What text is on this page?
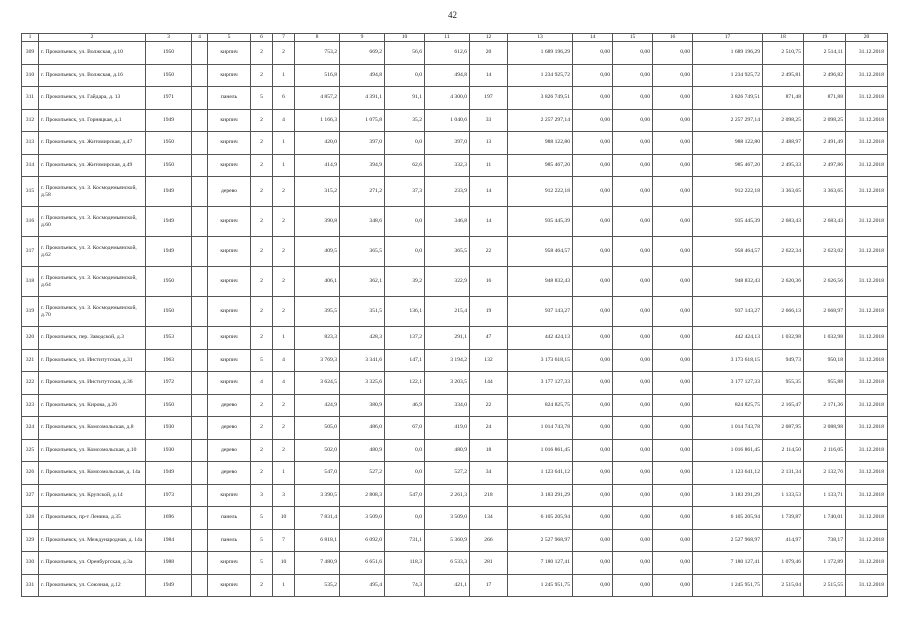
42
1	2	3	4	5	6	7	8	9	10	11	12	13	14	15	16	17	18	19	20
309	г. Прокопьевск, ул. Волжская, д.10	1950		кирпич	2	2	753,2	669,2	56,6	612,6	20	1 689 196,29	0,00	0,00	0,00	1 689 196,29	2 510,75	2 514,11	31.12.2018
310	г. Прокопьевск, ул. Волжская, д.16	1950		кирпич	2	1	516,8	494,8	0,0	494,8	14	1 234 925,72	0,00	0,00	0,00	1 234 925,72	2 495,81	2 496,82	31.12.2018
311	г. Прокопьевск, ул. Гайдара, д. 13	1971		панель	5	6	4 857,2	4 391,1	91,1	4 300,0	197	3 826 749,51	0,00	0,00	0,00	3 826 749,51	871,48	871,88	31.12.2018
312	г. Прокопьевск, ул. Горняцкая, д.1	1949		кирпич	2	4	1 166,3	1 075,8	35,2	1 040,6	33	2 257 297,14	0,00	0,00	0,00	2 257 297,14	2 098,25	2 098,25	31.12.2018
313	г. Прокопьевск, ул. Житомирская, д.47	1950		кирпич	2	1	420,0	397,0	0,0	397,0	13	988 122,80	0,00	0,00	0,00	988 122,80	2 488,97	2 491,49	31.12.2018
314	г. Прокопьевск, ул. Житомирская, д.49	1950		кирпич	2	1	414,9	394,9	62,6	332,3	11	985 467,20	0,00	0,00	0,00	985 467,20	2 495,33	2 497,86	31.12.2018
315	г. Прокопьевск, ул. З. Космодемьянской, д.58	1949		дерево	2	2	315,2	271,2	37,3	233,9	14	912 222,18	0,00	0,00	0,00	912 222,18	3 363,65	3 363,65	31.12.2018
316	г. Прокопьевск, ул. З. Космодемьянской, д.60	1949		кирпич	2	2	390,8	348,6	0,0	346,8	14	935 445,39	0,00	0,00	0,00	935 445,39	2 683,43	2 683,43	31.12.2018
317	г. Прокопьевск, ул. З. Космодемьянской, д.62	1949		кирпич	2	2	409,5	365,5	0,0	365,5	22	958 464,57	0,00	0,00	0,00	958 464,57	2 622,34	2 623,02	31.12.2018
318	г. Прокопьевск, ул. З. Космодемьянской, д.64	1950		кирпич	2	2	406,1	362,1	39,2	322,9	16	948 832,43	0,00	0,00	0,00	948 832,43	2 620,36	2 626,56	31.12.2018
319	г. Прокопьевск, ул. З. Космодемьянской, д.70	1950		кирпич	2	2	395,5	351,5	136,1	215,4	19	937 143,27	0,00	0,00	0,00	937 143,27	2 666,13	2 668,97	31.12.2018
320	г. Прокопьевск, пер. Заводской, д.3	1953		кирпич	2	1	823,3	428,3	137,2	291,1	47	442 424,13	0,00	0,00	0,00	442 424,13	1 032,98	1 032,98	31.12.2018
321	г. Прокопьевск, ул. Институтская, д.31	1963		кирпич	5	4	3 769,3	3 341,6	147,1	3 194,2	132	3 173 618,15	0,00	0,00	0,00	3 173 618,15	949,73	950,18	31.12.2018
322	г. Прокопьевск, ул. Институтская, д.36	1972		кирпич	4	4	3 624,5	3 325,6	122,1	3 203,5	144	3 177 127,33	0,00	0,00	0,00	3 177 127,33	955,35	955,88	31.12.2018
323	г. Прокопьевск, ул. Кирова, д.26	1950		дерево	2	2	424,9	380,9	46,9	334,0	22	824 825,75	0,00	0,00	0,00	824 825,75	2 165,47	2 171,36	31.12.2018
324	г. Прокопьевск, ул. Комсомольская, д.8	1930		дерево	2	2	505,0	486,0	67,0	419,0	24	1 014 743,78	0,00	0,00	0,00	1 014 743,78	2 087,95	2 088,98	31.12.2018
325	г. Прокопьевск, ул. Комсомольская, д.10	1930		дерево	2	2	502,0	480,9	0,0	480,9	18	1 016 861,45	0,00	0,00	0,00	1 016 861,45	2 114,50	2 116,05	31.12.2018
326	г. Прокопьевск, ул. Комсомольская, д. 14а	1949		дерево	2	1	547,0	527,2	0,0	527,2	34	1 123 641,12	0,00	0,00	0,00	1 123 641,12	2 131,34	2 132,76	31.12.2018
327	г. Прокопьевск, ул. Крупской, д.14	1973		кирпич	3	3	3 390,5	2 808,3	547,0	2 261,3	218	3 183 291,29	0,00	0,00	0,00	3 183 291,29	1 133,53	1 133,71	31.12.2018
328	г. Прокопьевск, пр-т Ленина, д.35	1696		панель	5	10	7 831,4	3 509,0	0,0	3 509,0	134	6 105 205,94	0,00	0,00	0,00	6 105 205,94	1 739,87	1 740,01	31.12.2018
329	г. Прокопьевск, ул. Международная, д. 14а	1984		панель	5	7	6 818,1	6 092,0	731,1	5 360,9	266	2 527 968,97	0,00	0,00	0,00	2 527 968,97	414,97	738,17	31.12.2018
330	г. Прокопьевск, ул. Оренбургская, д.3а	1988		кирпич	5	10	7 480,9	6 651,6	118,3	6 533,3	281	7 180 127,41	0,00	0,00	0,00	7 180 127,41	1 079,46	1 172,89	31.12.2018
331	г. Прокопьевск, ул. Союзная, д.12	1949		кирпич	2	1	535,2	495,4	74,3	421,1	17	1 245 951,75	0,00	0,00	0,00	1 245 951,75	2 515,04	2 515,55	31.12.2018
